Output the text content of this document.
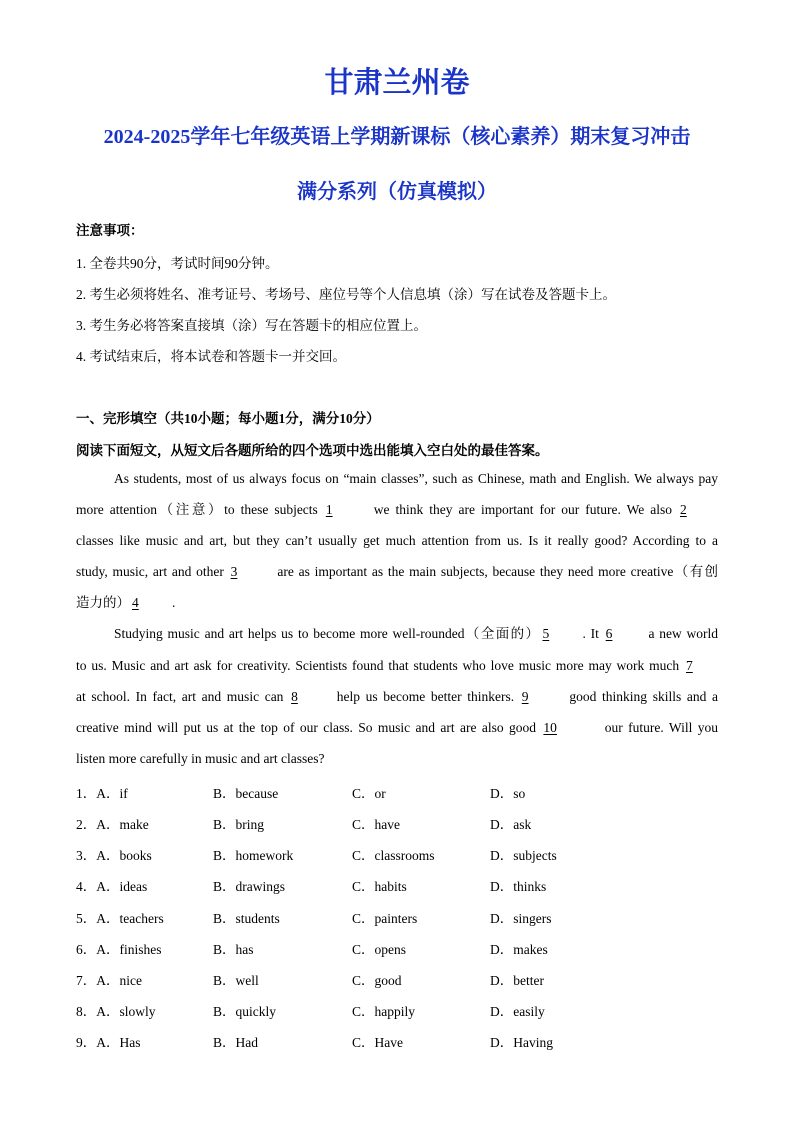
甘肃兰州卷
2024-2025学年七年级英语上学期新课标（核心素养）期末复习冲击
满分系列（仿真模拟）
注意事项：
1. 全卷共90分，考试时间90分钟。
2. 考生必须将姓名、准考证号、考场号、座位号等个人信息填（涂）写在试卷及答题卡上。
3. 考生务必将答案直接填（涂）写在答题卡的相应位置上。
4. 考试结束后，将本试卷和答题卡一并交回。
一、完形填空（共10小题；每小题1分，满分10分）
阅读下面短文，从短文后各题所给的四个选项中选出能填入空白处的最佳答案。
As students, most of us always focus on “main classes”, such as Chinese, math and English. We always pay
more attention（注意）to these subjects 1	we think they are important for our future. We also 2
classes like music and art, but they can’t usually get much attention from us. Is it really good? According to a
study, music, art and other 3	are as important as the main subjects, because they need more creative（有创
造力的） 4 .
Studying music and art helps us to become more well-rounded（全面的） 5 . It 6 a new world
to us. Music and art ask for creativity. Scientists found that students who love music more may work much 7
at school. In fact, art and music can 8 help us become better thinkers. 9	good thinking skills and a
creative mind will put us at the top of our class. So music and art are also good 10	our future. Will you
listen more carefully in music and art classes?
1．A．if	B．because	C．or	D．so
2．A．make	B．bring	C．have	D．ask
3．A．books	B．homework	C．classrooms	D．subjects
4．A．ideas	B．drawings	C．habits	D．thinks
5．A．teachers	B．students	C．painters	D．singers
6．A．finishes	B．has	C．opens	D．makes
7．A．nice	B．well	C．good	D．better
8．A．slowly	B．quickly	C．happily	D．easily
9．A．Has	B．Had	C．Have	D．Having
